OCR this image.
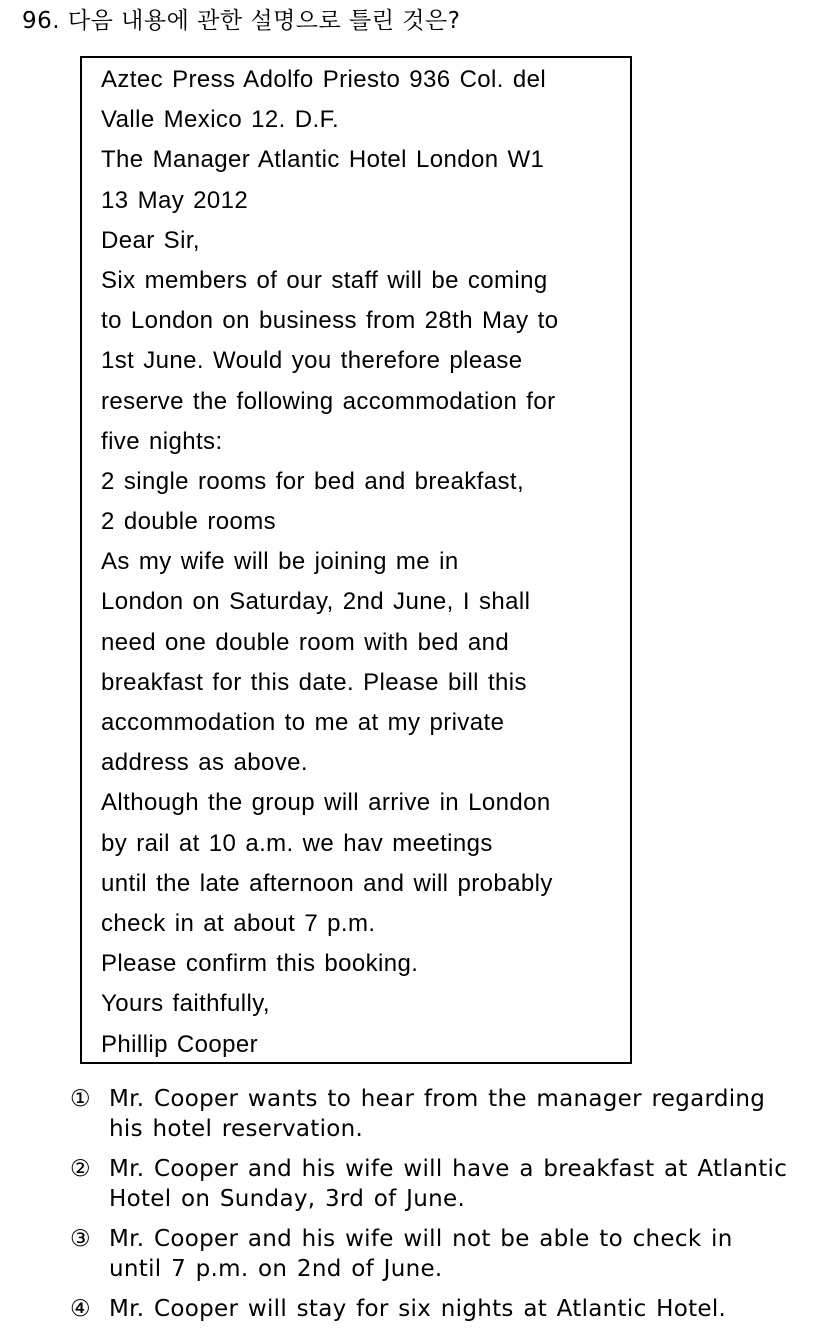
96. 다음 내용에 관한 설명으로 틀린 것은?
Aztec Press Adolfo Priesto 936 Col. del
Valle Mexico 12. D.F.
The Manager Atlantic Hotel London W1
13 May 2012
Dear Sir,
Six members of our staff will be coming
to London on business from 28th May to
1st June. Would you therefore please
reserve the following accommodation for
five nights:
2 single rooms for bed and breakfast,
2 double rooms
As my wife will be joining me in
London on Saturday, 2nd June, I shall
need one double room with bed and
breakfast for this date. Please bill this
accommodation to me at my private
address as above.
Although the group will arrive in London
by rail at 10 a.m. we hav meetings
until the late afternoon and will probably
check in at about 7 p.m.
Please confirm this booking.
Yours faithfully,
Phillip Cooper
① Mr. Cooper wants to hear from the manager regarding his hotel reservation.
② Mr. Cooper and his wife will have a breakfast at Atlantic Hotel on Sunday, 3rd of June.
③ Mr. Cooper and his wife will not be able to check in until 7 p.m. on 2nd of June.
④ Mr. Cooper will stay for six nights at Atlantic Hotel.
